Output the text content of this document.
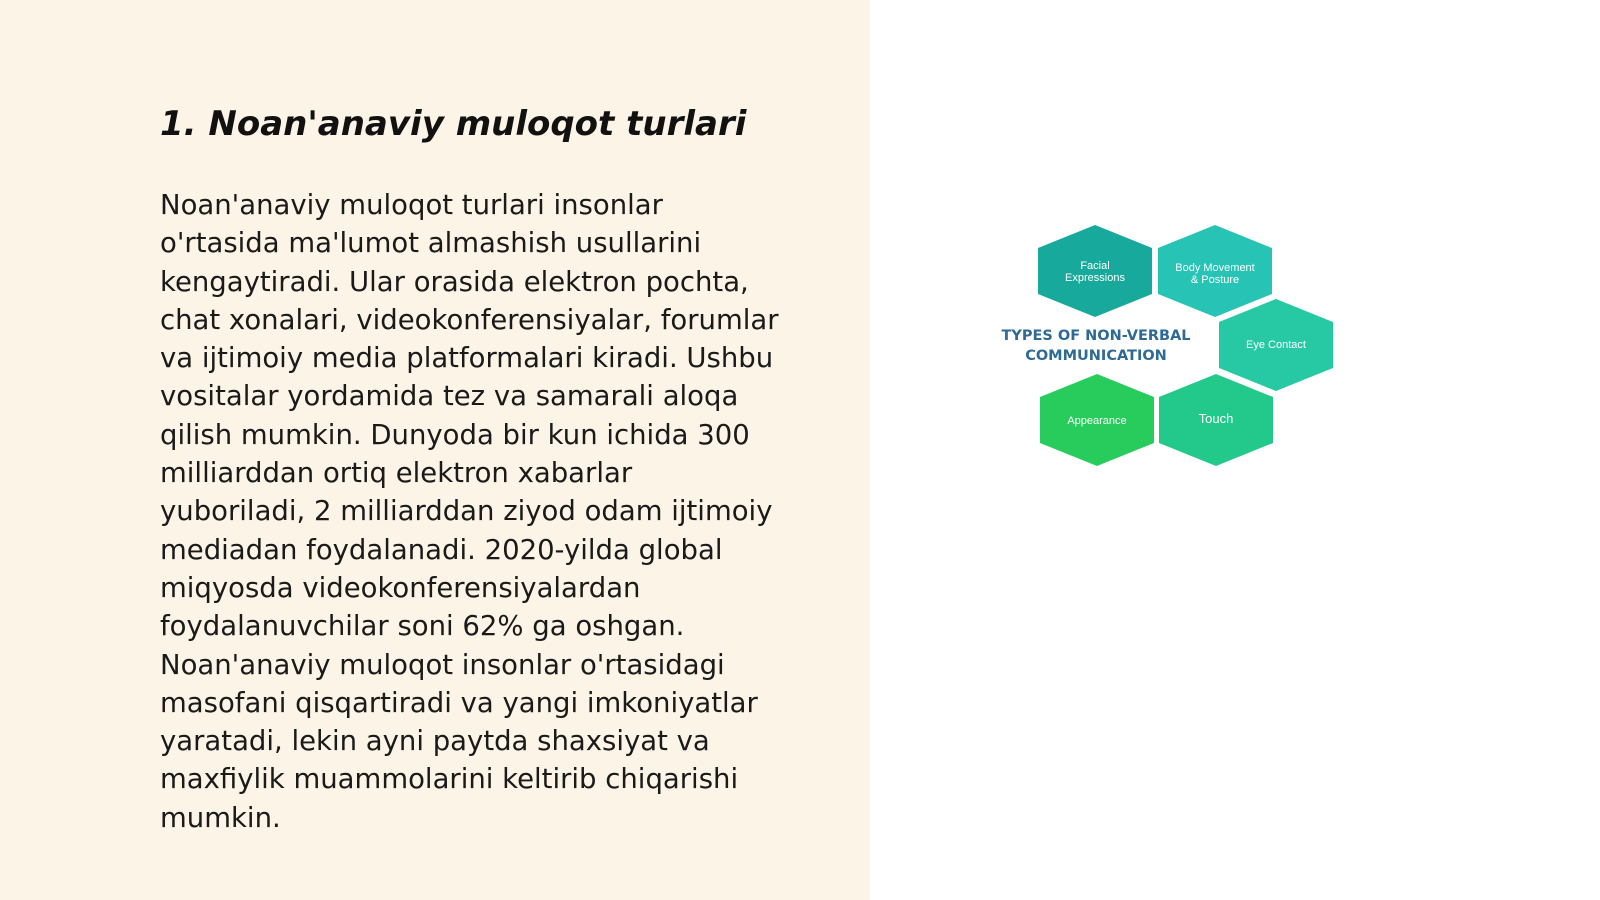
1. Noan'anaviy muloqot turlari
Noan'anaviy muloqot turlari insonlar
o'rtasida ma'lumot almashish usullarini
kengaytiradi. Ular orasida elektron pochta,
chat xonalari, videokonferensiyalar, forumlar
va ijtimoiy media platformalari kiradi. Ushbu
vositalar yordamida tez va samarali aloqa
qilish mumkin. Dunyoda bir kun ichida 300
milliarddan ortiq elektron xabarlar
yuboriladi, 2 milliarddan ziyod odam ijtimoiy
mediadan foydalanadi. 2020-yilda global
miqyosda videokonferensiyalardan
foydalanuvchilar soni 62% ga oshgan.
Noan'anaviy muloqot insonlar o'rtasidagi
masofani qisqartiradi va yangi imkoniyatlar
yaratadi, lekin ayni paytda shaxsiyat va
maxfiylik muammolarini keltirib chiqarishi
mumkin.
Facial
Expressions
Body Movement
& Posture
Eye Contact
Touch
Appearance
TYPES OF NON-VERBAL
COMMUNICATION
